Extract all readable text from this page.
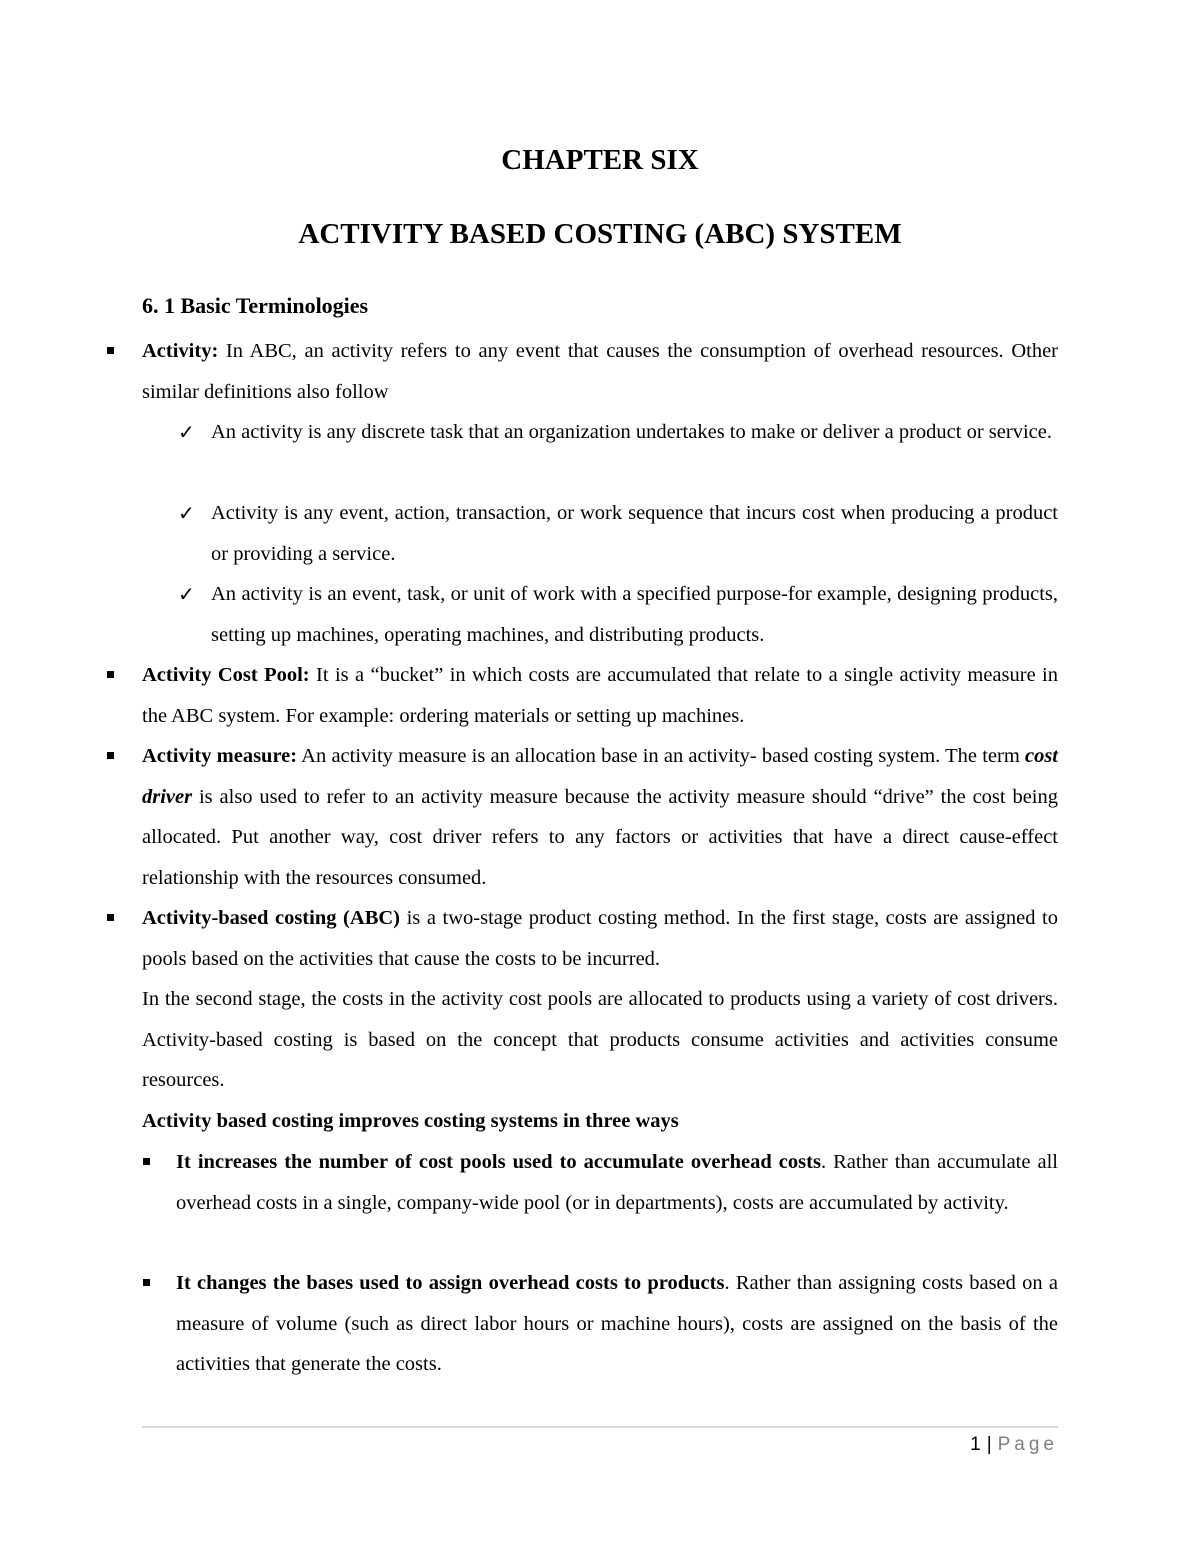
CHAPTER SIX
ACTIVITY BASED COSTING (ABC) SYSTEM
6. 1 Basic Terminologies
Activity: In ABC, an activity refers to any event that causes the consumption of overhead resources. Other similar definitions also follow
✓ An activity is any discrete task that an organization undertakes to make or deliver a product or service.
✓ Activity is any event, action, transaction, or work sequence that incurs cost when producing a product or providing a service.
✓ An activity is an event, task, or unit of work with a specified purpose-for example, designing products, setting up machines, operating machines, and distributing products.
Activity Cost Pool: It is a “bucket” in which costs are accumulated that relate to a single activity measure in the ABC system. For example: ordering materials or setting up machines.
Activity measure: An activity measure is an allocation base in an activity- based costing system. The term cost driver is also used to refer to an activity measure because the activity measure should “drive” the cost being allocated. Put another way, cost driver refers to any factors or activities that have a direct cause-effect relationship with the resources consumed.
Activity-based costing (ABC) is a two-stage product costing method. In the first stage, costs are assigned to pools based on the activities that cause the costs to be incurred.
In the second stage, the costs in the activity cost pools are allocated to products using a variety of cost drivers. Activity-based costing is based on the concept that products consume activities and activities consume resources.
Activity based costing improves costing systems in three ways
It increases the number of cost pools used to accumulate overhead costs. Rather than accumulate all overhead costs in a single, company-wide pool (or in departments), costs are accumulated by activity.
It changes the bases used to assign overhead costs to products. Rather than assigning costs based on a measure of volume (such as direct labor hours or machine hours), costs are assigned on the basis of the activities that generate the costs.
1 | Page
